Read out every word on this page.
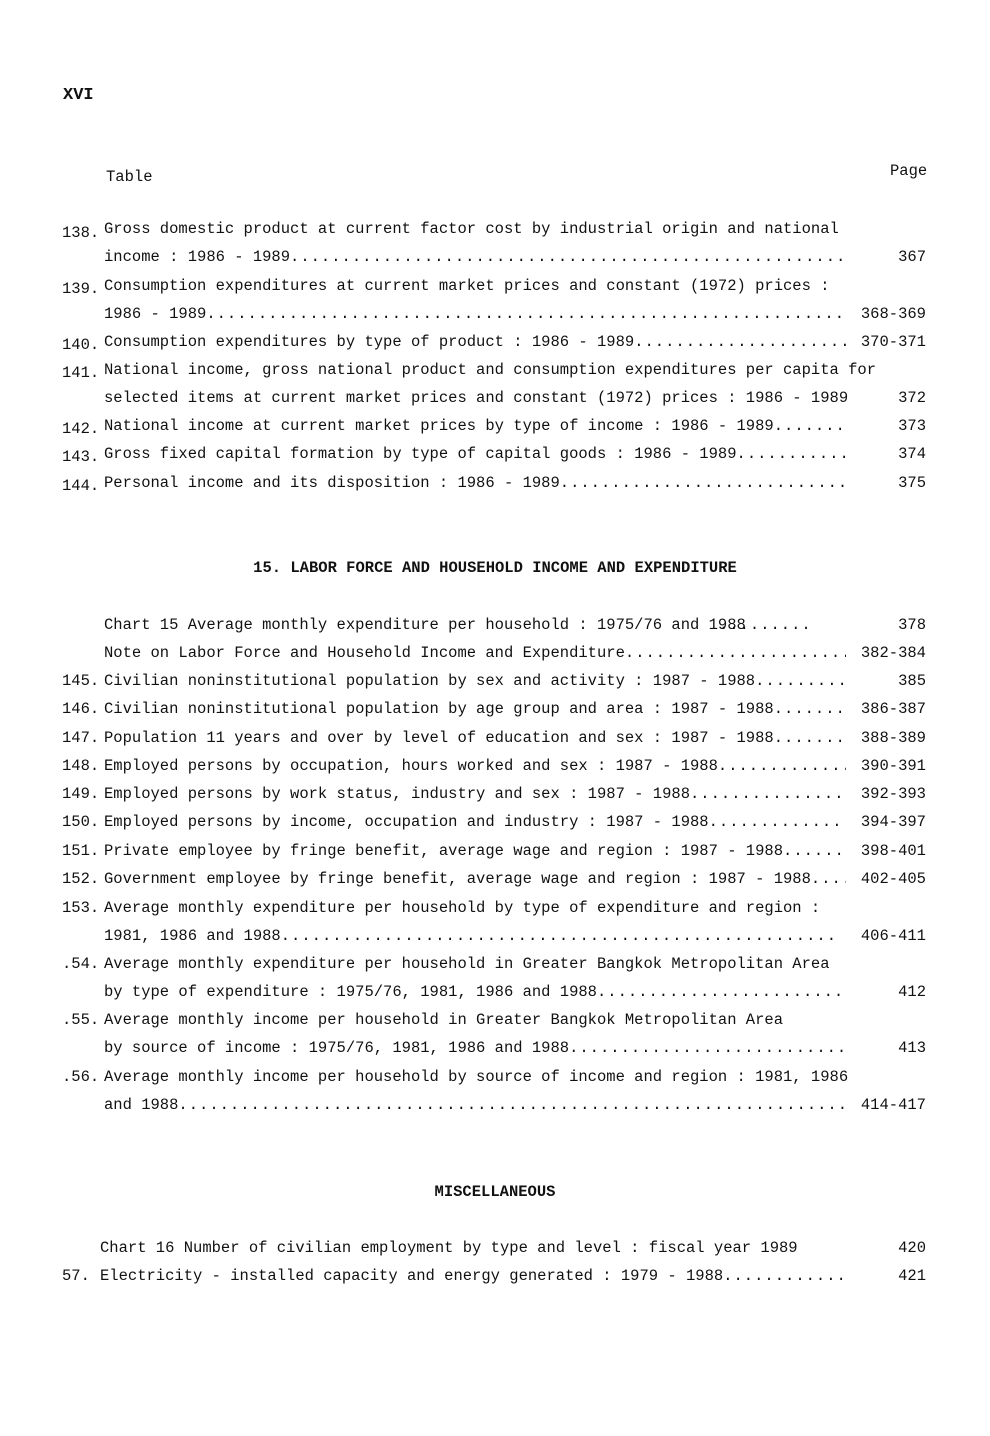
XVI
Table	Page
138. Gross domestic product at current factor cost by industrial origin and national
income : 1986 - 1989 .....	367
139. Consumption expenditures at current market prices and constant (1972) prices :
1986 - 1989 .....	368-369
140. Consumption expenditures by type of product : 1986 - 1989 .....	370-371
141. National income, gross national product and consumption expenditures per capita for
selected items at current market prices and constant (1972) prices : 1986 - 1989	372
142. National income at current market prices by type of income : 1986 - 1989 .....	373
143. Gross fixed capital formation by type of capital goods : 1986 - 1989 .....	374
144. Personal income and its disposition : 1986 - 1989 .....	375
15. LABOR FORCE AND HOUSEHOLD INCOME AND EXPENDITURE
Chart 15 Average monthly expenditure per household : 1975/76 and 1988
.........	378
Note on Labor Force and Household Income and Expenditure .....	382-384
145. Civilian noninstitutional population by sex and activity : 1987 - 1988 .....	385
146. Civilian noninstitutional population by age group and area : 1987 - 1988 .....	386-387
147. Population 11 years and over by level of education and sex : 1987 - 1988 .....	388-389
148. Employed persons by occupation, hours worked and sex : 1987 - 1988 .....	390-391
149. Employed persons by work status, industry and sex : 1987 - 1988 .....	392-393
150. Employed persons by income, occupation and industry : 1987 - 1988 .....	394-397
151. Private employee by fringe benefit, average wage and region : 1987 - 1988 .....	398-401
152. Government employee by fringe benefit, average wage and region : 1987 - 1988 .....	402-405
153. Average monthly expenditure per household by type of expenditure and region :
1981, 1986 and 1988 .....	406-411
.54. Average monthly expenditure per household in Greater Bangkok Metropolitan Area
by type of expenditure : 1975/76, 1981, 1986 and 1988 .....	412
.55. Average monthly income per household in Greater Bangkok Metropolitan Area
by source of income : 1975/76, 1981, 1986 and 1988 .....	413
.56. Average monthly income per household by source of income and region : 1981, 1986
and 1988 .....	414-417
MISCELLANEOUS
Chart 16 Number of civilian employment by type and level : fiscal year 1989	420
57. Electricity - installed capacity and energy generated : 1979 - 1988 .....	421
